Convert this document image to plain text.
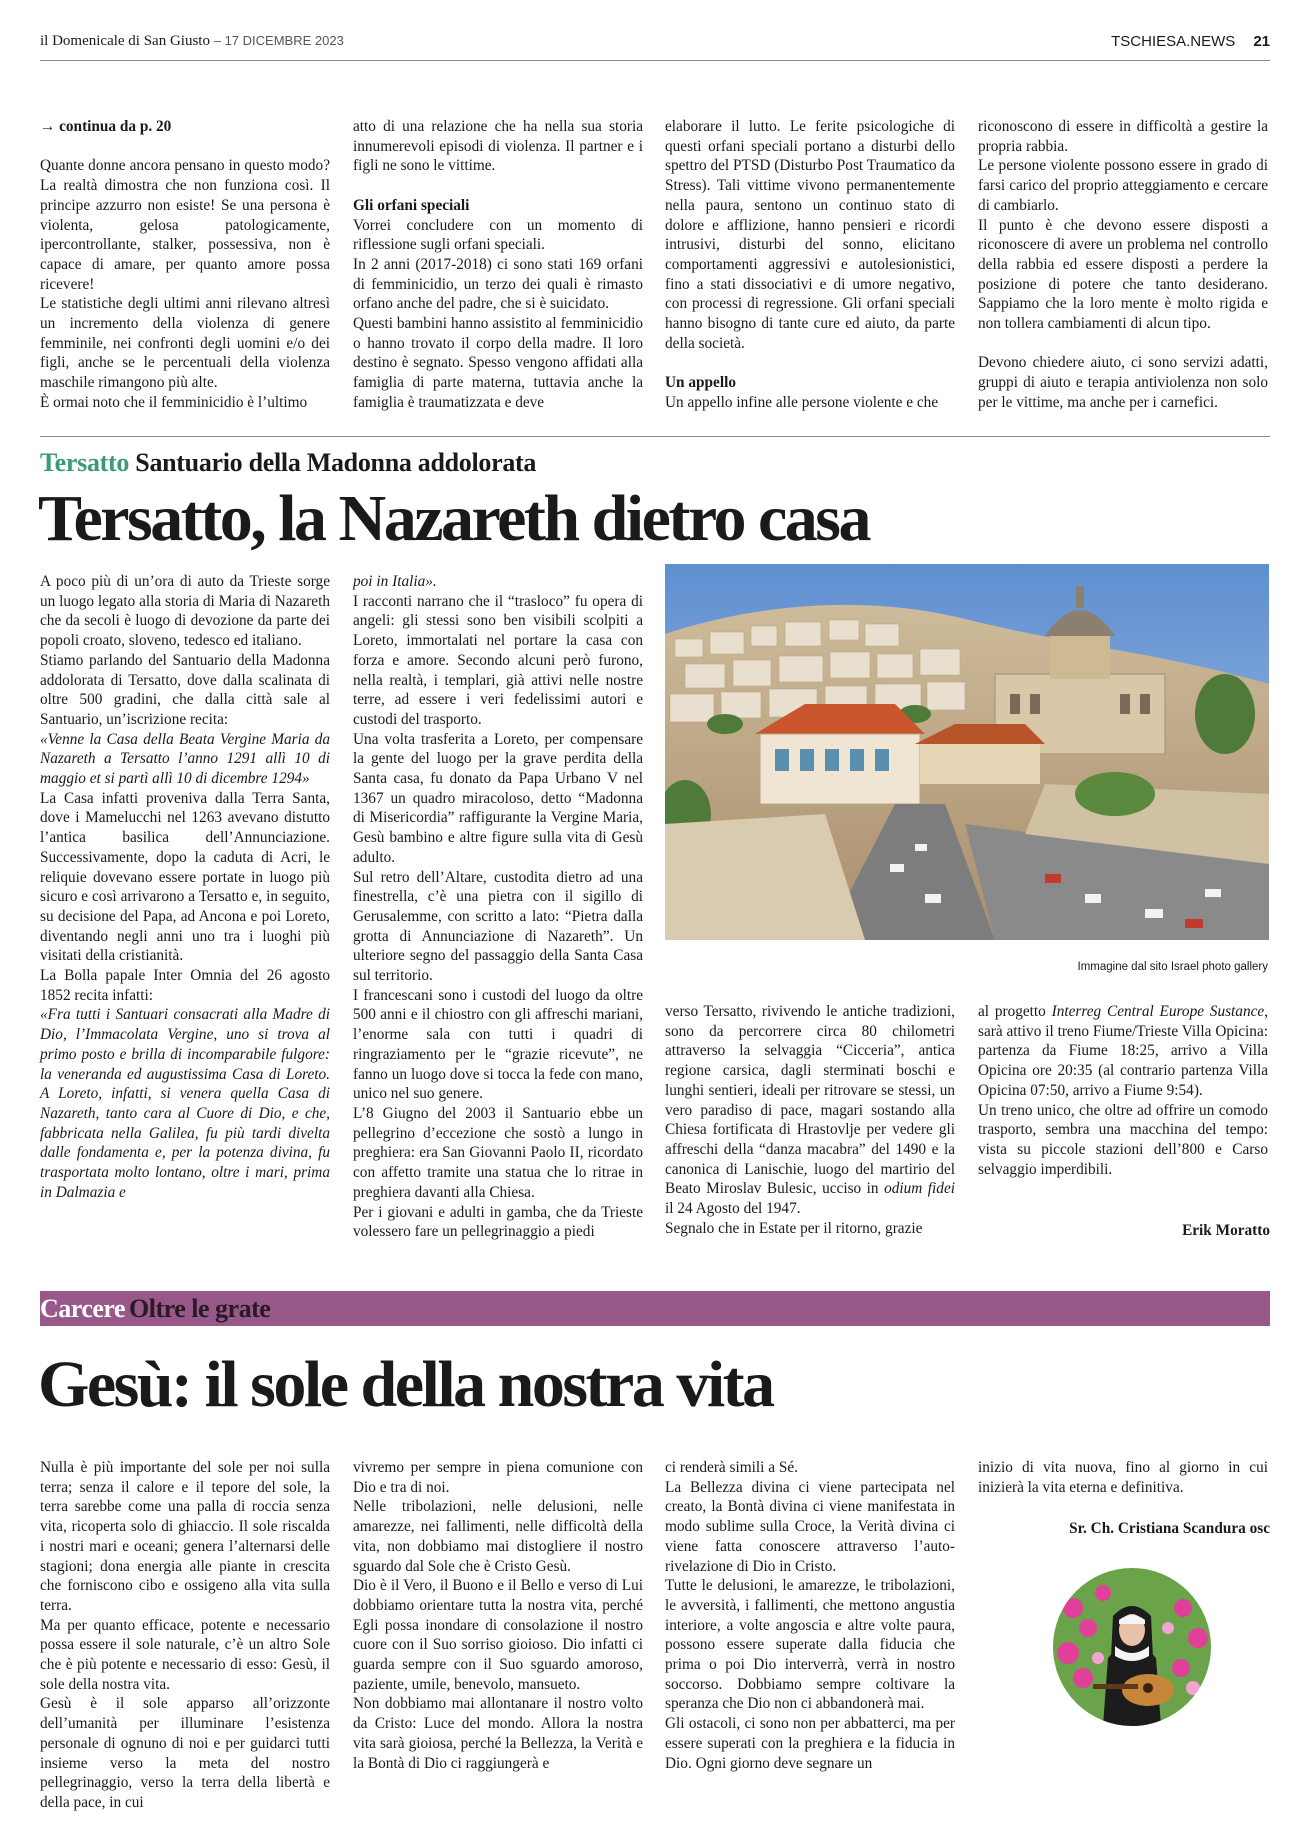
il Domenicale di San Giusto – 17 DICEMBRE 2023	TSCHIESA.NEWS 21

→ continua da p. 20

Quante donne ancora pensano in questo modo? La realtà dimostra che non funziona così. Il principe azzurro non esiste! Se una persona è violenta, gelosa patologicamente, ipercontrollante, stalker, possessiva, non è capace di amare, per quanto amore possa ricevere!

Le statistiche degli ultimi anni rilevano altresì un incremento della violenza di genere femminile, nei confronti degli uomini e/o dei figli, anche se le percentuali della violenza maschile rimangono più alte.

È ormai noto che il femminicidio è l’ultimo

atto di una relazione che ha nella sua storia innumerevoli episodi di violenza. Il partner e i figli ne sono le vittime.

Gli orfani speciali

Vorrei concludere con un momento di riflessione sugli orfani speciali.

In 2 anni (2017-2018) ci sono stati 169 orfani di femminicidio, un terzo dei quali è rimasto orfano anche del padre, che si è suicidato.

Questi bambini hanno assistito al femminicidio o hanno trovato il corpo della madre. Il loro destino è segnato. Spesso vengono affidati alla famiglia di parte materna, tuttavia anche la famiglia è traumatizzata e deve

elaborare il lutto. Le ferite psicologiche di questi orfani speciali portano a disturbi dello spettro del PTSD (Disturbo Post Traumatico da Stress). Tali vittime vivono permanentemente nella paura, sentono un continuo stato di dolore e afflizione, hanno pensieri e ricordi intrusivi, disturbi del sonno, elicitano comportamenti aggressivi e autolesionistici, fino a stati dissociativi e di umore negativo, con processi di regressione. Gli orfani speciali hanno bisogno di tante cure ed aiuto, da parte della società.

Un appello

Un appello infine alle persone violente e che

riconoscono di essere in difficoltà a gestire la propria rabbia.

Le persone violente possono essere in grado di farsi carico del proprio atteggiamento e cercare di cambiarlo.

Il punto è che devono essere disposti a riconoscere di avere un problema nel controllo della rabbia ed essere disposti a perdere la posizione di potere che tanto desiderano. Sappiamo che la loro mente è molto rigida e non tollera cambiamenti di alcun tipo.

Devono chiedere aiuto, ci sono servizi adatti, gruppi di aiuto e terapia antiviolenza non solo per le vittime, ma anche per i carnefici.

Tersatto Santuario della Madonna addolorata
Tersatto, la Nazareth dietro casa

A poco più di un’ora di auto da Trieste sorge un luogo legato alla storia di Maria di Nazareth che da secoli è luogo di devozione da parte dei popoli croato, sloveno, tedesco ed italiano.

Stiamo parlando del Santuario della Madonna addolorata di Tersatto, dove dalla scalinata di oltre 500 gradini, che dalla città sale al Santuario, un’iscrizione recita:

«Venne la Casa della Beata Vergine Maria da Nazareth a Tersatto l’anno 1291 allì 10 di maggio et si partì allì 10 di dicembre 1294»

La Casa infatti proveniva dalla Terra Santa, dove i Mamelucchi nel 1263 avevano distutto l’antica basilica dell’Annunciazione. Successivamente, dopo la caduta di Acri, le reliquie dovevano essere portate in luogo più sicuro e così arrivarono a Tersatto e, in seguito, su decisione del Papa, ad Ancona e poi Loreto, diventando negli anni uno tra i luoghi più visitati della cristianità.

La Bolla papale Inter Omnia del 26 agosto 1852 recita infatti:

«Fra tutti i Santuari consacrati alla Madre di Dio, l’Immacolata Vergine, uno si trova al primo posto e brilla di incomparabile fulgore: la veneranda ed augustissima Casa di Loreto. A Loreto, infatti, si venera quella Casa di Nazareth, tanto cara al Cuore di Dio, e che, fabbricata nella Galilea, fu più tardi divelta dalle fondamenta e, per la potenza divina, fu trasportata molto lontano, oltre i mari, prima in Dalmazia e

poi in Italia».

I racconti narrano che il “trasloco” fu opera di angeli: gli stessi sono ben visibili scolpiti a Loreto, immortalati nel portare la casa con forza e amore. Secondo alcuni però furono, nella realtà, i templari, già attivi nelle nostre terre, ad essere i veri fedelissimi autori e custodi del trasporto.

Una volta trasferita a Loreto, per compensare la gente del luogo per la grave perdita della Santa casa, fu donato da Papa Urbano V nel 1367 un quadro miracoloso, detto “Madonna di Misericordia” raffigurante la Vergine Maria, Gesù bambino e altre figure sulla vita di Gesù adulto.

Sul retro dell’Altare, custodita dietro ad una finestrella, c’è una pietra con il sigillo di Gerusalemme, con scritto a lato: “Pietra dalla grotta di Annunciazione di Nazareth”. Un ulteriore segno del passaggio della Santa Casa sul territorio.

I francescani sono i custodi del luogo da oltre 500 anni e il chiostro con gli affreschi mariani, l’enorme sala con tutti i quadri di ringraziamento per le “grazie ricevute”, ne fanno un luogo dove si tocca la fede con mano, unico nel suo genere.

L’8 Giugno del 2003 il Santuario ebbe un pellegrino d’eccezione che sostò a lungo in preghiera: era San Giovanni Paolo II, ricordato con affetto tramite una statua che lo ritrae in preghiera davanti alla Chiesa.

Per i giovani e adulti in gamba, che da Trieste volessero fare un pellegrinaggio a piedi

Immagine dal sito Israel photo gallery

verso Tersatto, rivivendo le antiche tradizioni, sono da percorrere circa 80 chilometri attraverso la selvaggia “Cicceria”, antica regione carsica, dagli sterminati boschi e lunghi sentieri, ideali per ritrovare se stessi, un vero paradiso di pace, magari sostando alla Chiesa fortificata di Hrastovlje per vedere gli affreschi della “danza macabra” del 1490 e la canonica di Lanischie, luogo del martirio del Beato Miroslav Bulesic, ucciso in odium fidei il 24 Agosto del 1947.

Segnalo che in Estate per il ritorno, grazie

al progetto Interreg Central Europe Sustance, sarà attivo il treno Fiume/Trieste Villa Opicina: partenza da Fiume 18:25, arrivo a Villa Opicina ore 20:35 (al contrario partenza Villa Opicina 07:50, arrivo a Fiume 9:54).

Un treno unico, che oltre ad offrire un comodo trasporto, sembra una macchina del tempo: vista su piccole stazioni dell’800 e Carso selvaggio imperdibili.

Erik Moratto
Carcere Oltre le grate
Gesù: il sole della nostra vita

Nulla è più importante del sole per noi sulla terra; senza il calore e il tepore del sole, la terra sarebbe come una palla di roccia senza vita, ricoperta solo di ghiaccio. Il sole riscalda i nostri mari e oceani; genera l’alternarsi delle stagioni; dona energia alle piante in crescita che forniscono cibo e ossigeno alla vita sulla terra.

Ma per quanto efficace, potente e necessario possa essere il sole naturale, c’è un altro Sole che è più potente e necessario di esso: Gesù, il sole della nostra vita.

Gesù è il sole apparso all’orizzonte dell’umanità per illuminare l’esistenza personale di ognuno di noi e per guidarci tutti insieme verso la meta del nostro pellegrinaggio, verso la terra della libertà e della pace, in cui

vivremo per sempre in piena comunione con Dio e tra di noi.

Nelle tribolazioni, nelle delusioni, nelle amarezze, nei fallimenti, nelle difficoltà della vita, non dobbiamo mai distogliere il nostro sguardo dal Sole che è Cristo Gesù.

Dio è il Vero, il Buono e il Bello e verso di Lui dobbiamo orientare tutta la nostra vita, perché Egli possa inondare di consolazione il nostro cuore con il Suo sorriso gioioso. Dio infatti ci guarda sempre con il Suo sguardo amoroso, paziente, umile, benevolo, mansueto.

Non dobbiamo mai allontanare il nostro volto da Cristo: Luce del mondo. Allora la nostra vita sarà gioiosa, perché la Bellezza, la Verità e la Bontà di Dio ci raggiungerà e

ci renderà simili a Sé.

La Bellezza divina ci viene partecipata nel creato, la Bontà divina ci viene manifestata in modo sublime sulla Croce, la Verità divina ci viene fatta conoscere attraverso l’auto-rivelazione di Dio in Cristo.

Tutte le delusioni, le amarezze, le tribolazioni, le avversità, i fallimenti, che mettono angustia interiore, a volte angoscia e altre volte paura, possono essere superate dalla fiducia che prima o poi Dio interverrà, verrà in nostro soccorso. Dobbiamo sempre coltivare la speranza che Dio non ci abbandonerà mai.

Gli ostacoli, ci sono non per abbatterci, ma per essere superati con la preghiera e la fiducia in Dio. Ogni giorno deve segnare un

inizio di vita nuova, fino al giorno in cui inizierà la vita eterna e definitiva.

Sr. Ch. Cristiana Scandura osc
